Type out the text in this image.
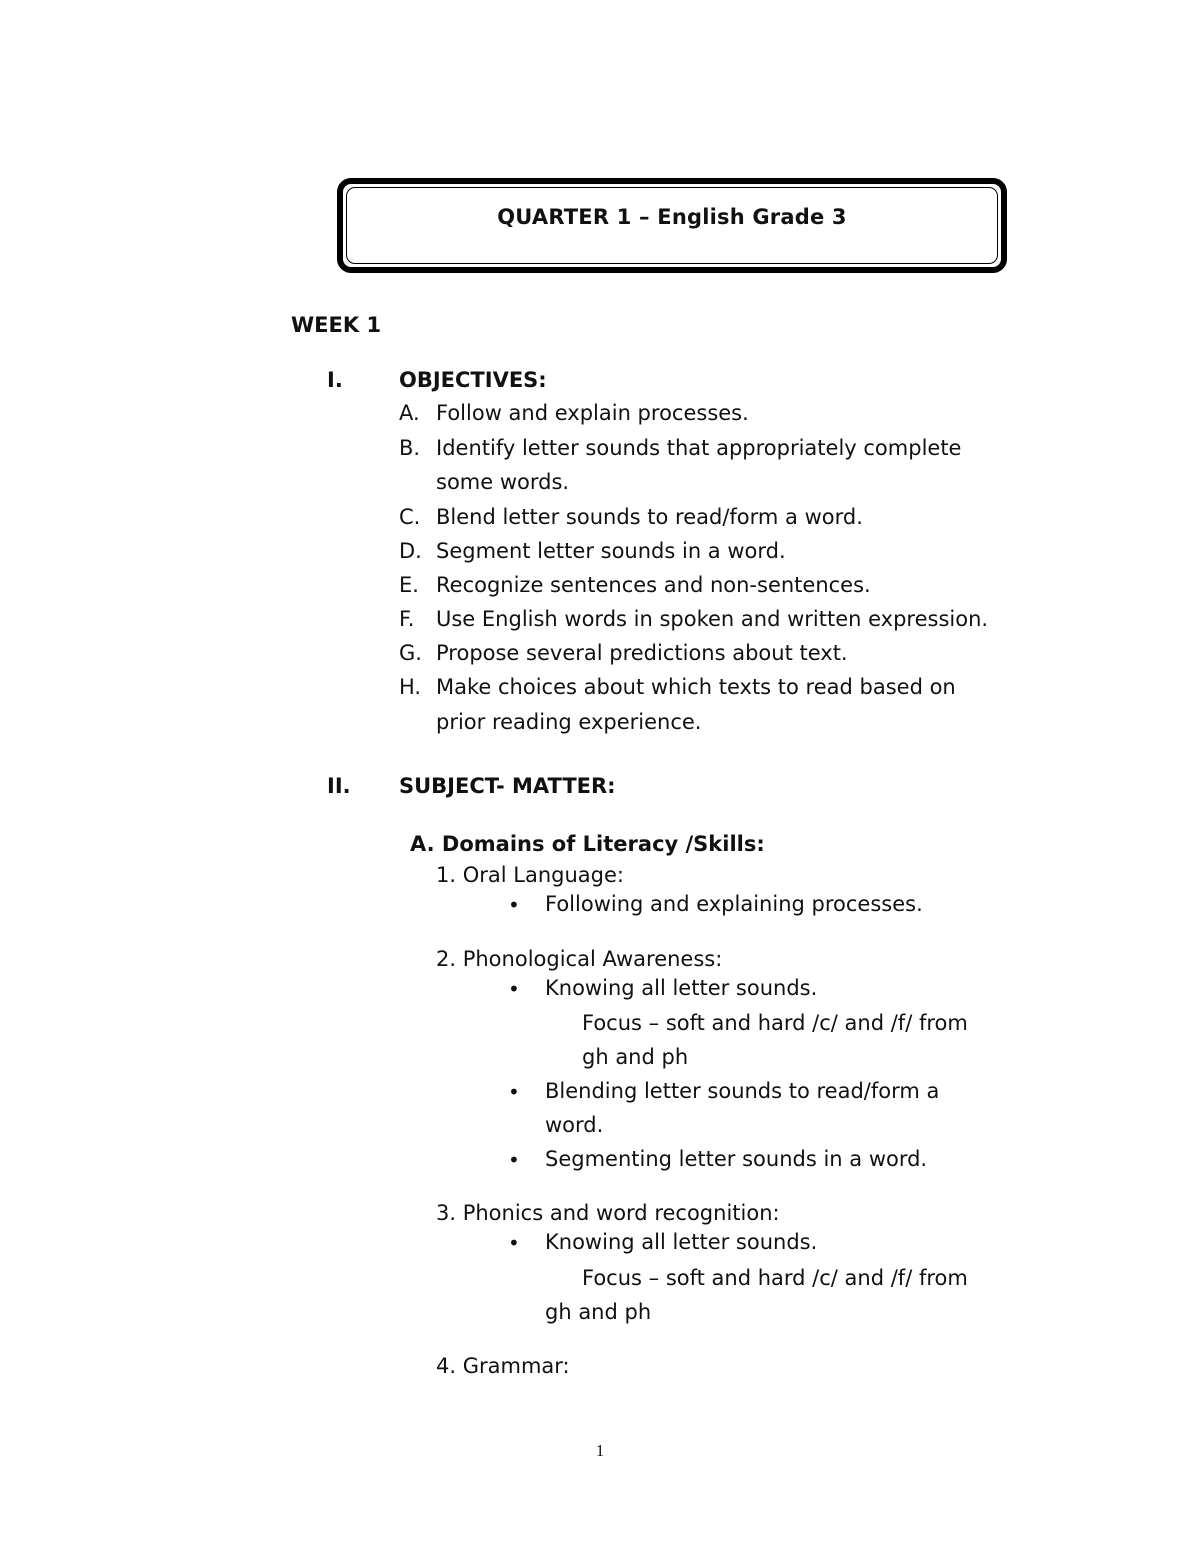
QUARTER 1 – English Grade 3
WEEK 1
I.	OBJECTIVES:
A. Follow and explain processes.
B. Identify letter sounds that appropriately complete
some words.
C. Blend letter sounds to read/form a word.
D. Segment letter sounds in a word.
E. Recognize sentences and non-sentences.
F. Use English words in spoken and written expression.
G. Propose several predictions about text.
H. Make choices about which texts to read based on
prior reading experience.
II. SUBJECT- MATTER:
A. Domains of Literacy /Skills:
1. Oral Language:
• Following and explaining processes.
2. Phonological Awareness:
• Knowing all letter sounds.
Focus – soft and hard /c/ and /f/ from
gh and ph
• Blending letter sounds to read/form a
word.
• Segmenting letter sounds in a word.
3. Phonics and word recognition:
• Knowing all letter sounds.
Focus – soft and hard /c/ and /f/ from
gh and ph
4. Grammar:
1
